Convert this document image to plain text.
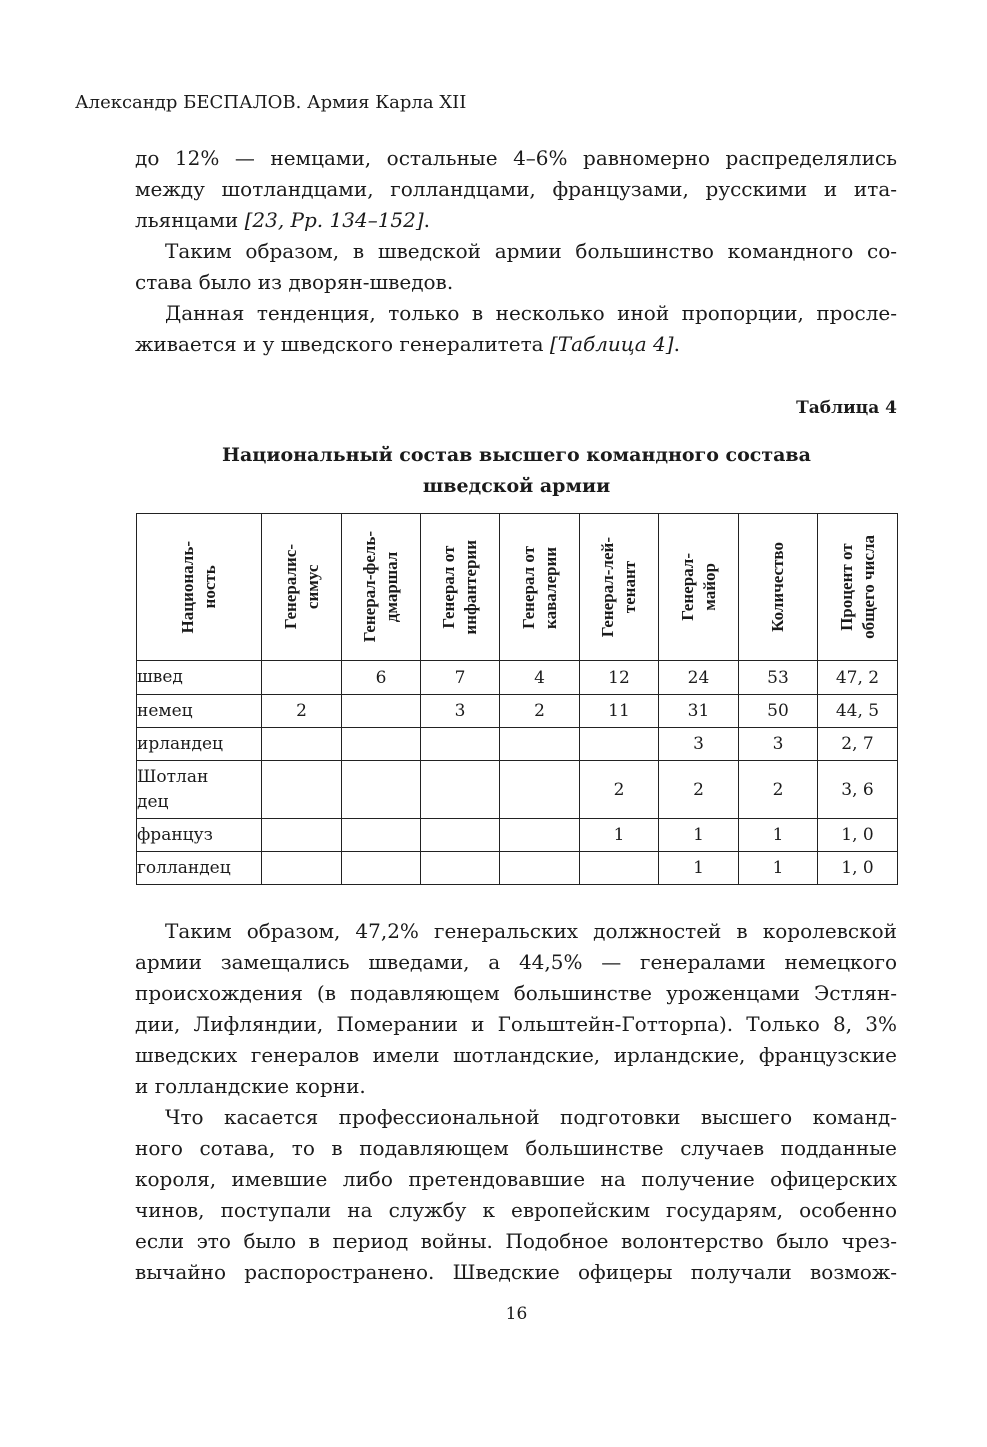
Александр БЕСПАЛОВ. Армия Карла XII
до 12% — немцами, остальные 4–6% равномерно распределялись
между шотландцами, голландцами, французами, русскими и ита-
льянцами [23, Pp. 134–152].
Таким образом, в шведской армии большинство командного со-
става было из дворян-шведов.
Данная тенденция, только в несколько иной пропорции, просле-
живается и у шведского генералитета [Таблица 4].
Таблица 4
Национальный состав высшего командного состава
шведской армии
Националь- ность	Генералис- симус	Генерал-фель- дмаршал	Генерал от инфантерии	Генерал от кавалерии	Генерал-лей- тенант	Генерал- майор	Количество	Процент от общего числа

швед		6	7	4	12	24	53	47, 2
немец	2		3	2	11	31	50	44, 5
ирландец						3	3	2, 7
Шотлан
дец					2	2	2	3, 6
француз					1	1	1	1, 0
голландец						1	1	1, 0
Таким образом, 47,2% генеральских должностей в королевской
армии замещались шведами, а 44,5% — генералами немецкого
происхождения (в подавляющем большинстве уроженцами Эстлян-
дии, Лифляндии, Померании и Гольштейн-Готторпа). Только 8, 3%
шведских генералов имели шотландские, ирландские, французские
и голландские корни.
Что касается профессиональной подготовки высшего команд-
ного сотава, то в подавляющем большинстве случаев подданные
короля, имевшие либо претендовавшие на получение офицерских
чинов, поступали на службу к европейским государям, особенно
если это было в период войны. Подобное волонтерство было чрез-
вычайно распоространено. Шведские офицеры получали возмож-
16
